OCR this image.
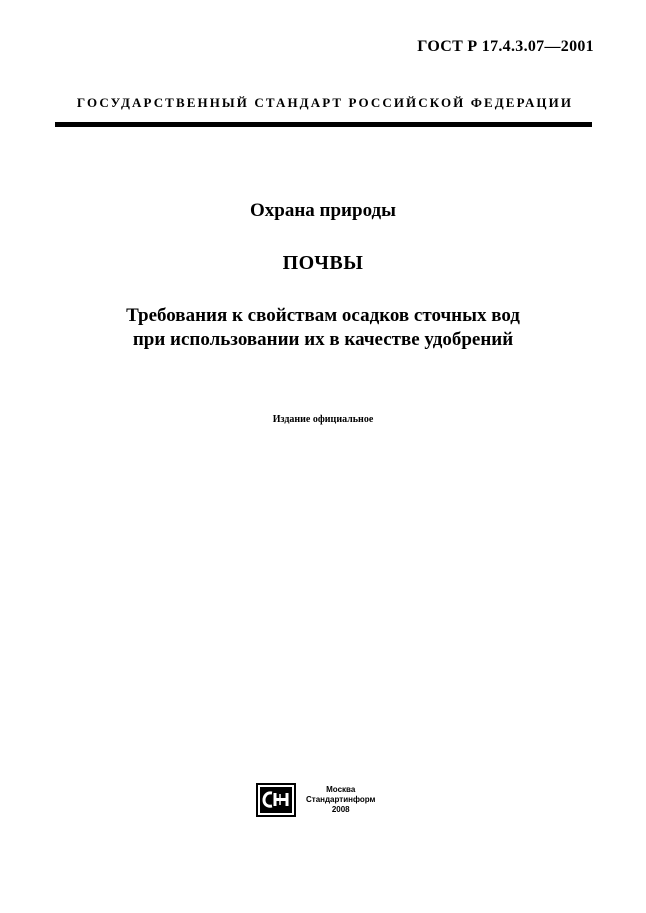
ГОСТ Р 17.4.3.07—2001
ГОСУДАРСТВЕННЫЙ СТАНДАРТ РОССИЙСКОЙ ФЕДЕРАЦИИ
Охрана природы
ПОЧВЫ
Требования к свойствам осадков сточных вод
при использовании их в качестве удобрений
Издание официальное
Москва
Стандартинформ
2008
